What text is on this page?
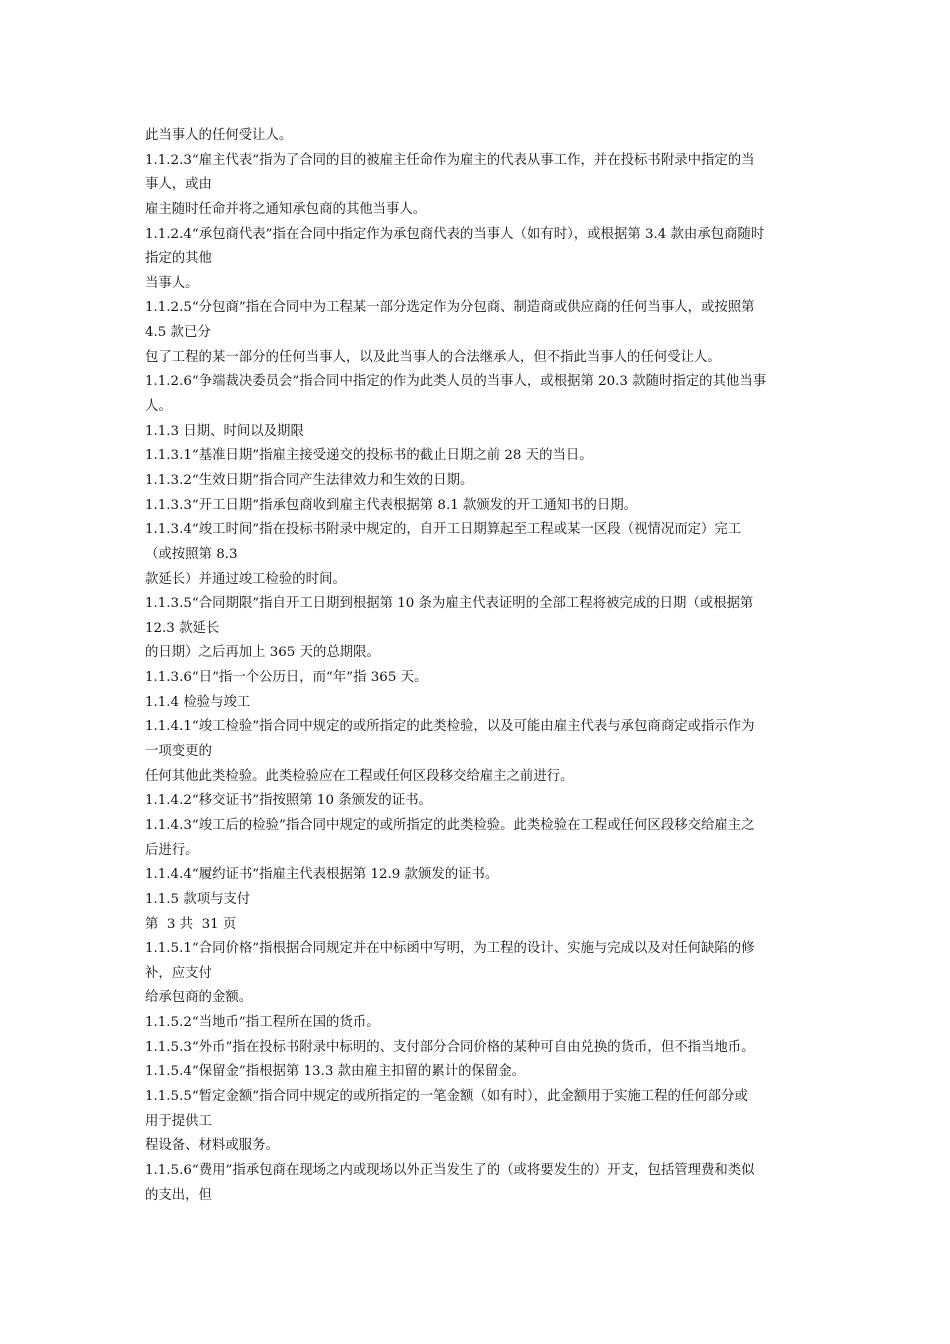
此当事人的任何受让人。
1.1.2.3“雇主代表”指为了合同的目的被雇主任命作为雇主的代表从事工作，并在投标书附录中指定的当
事人，或由
雇主随时任命并将之通知承包商的其他当事人。
1.1.2.4“承包商代表”指在合同中指定作为承包商代表的当事人（如有时），或根据第 3.4 款由承包商随时
指定的其他
当事人。
1.1.2.5“分包商”指在合同中为工程某一部分选定作为分包商、制造商或供应商的任何当事人，或按照第
4.5 款已分
包了工程的某一部分的任何当事人，以及此当事人的合法继承人，但不指此当事人的任何受让人。
1.1.2.6“争端裁决委员会”指合同中指定的作为此类人员的当事人，或根据第 20.3 款随时指定的其他当事
人。
1.1.3 日期、时间以及期限
1.1.3.1“基准日期”指雇主接受递交的投标书的截止日期之前 28 天的当日。
1.1.3.2“生效日期”指合同产生法律效力和生效的日期。
1.1.3.3“开工日期”指承包商收到雇主代表根据第 8.1 款颁发的开工通知书的日期。
1.1.3.4“竣工时间”指在投标书附录中规定的，自开工日期算起至工程或某一区段（视情况而定）完工
（或按照第 8.3
款延长）并通过竣工检验的时间。
1.1.3.5“合同期限”指自开工日期到根据第 10 条为雇主代表证明的全部工程将被完成的日期（或根据第
12.3 款延长
的日期）之后再加上 365 天的总期限。
1.1.3.6“日”指一个公历日，而“年”指 365 天。
1.1.4 检验与竣工
1.1.4.1“竣工检验”指合同中规定的或所指定的此类检验，以及可能由雇主代表与承包商商定或指示作为
一项变更的
任何其他此类检验。此类检验应在工程或任何区段移交给雇主之前进行。
1.1.4.2“移交证书”指按照第 10 条颁发的证书。
1.1.4.3“竣工后的检验”指合同中规定的或所指定的此类检验。此类检验在工程或任何区段移交给雇主之
后进行。
1.1.4.4“履约证书”指雇主代表根据第 12.9 款颁发的证书。
1.1.5 款项与支付
第  3 共  31 页
1.1.5.1“合同价格”指根据合同规定并在中标函中写明，为工程的设计、实施与完成以及对任何缺陷的修
补，应支付
给承包商的金额。
1.1.5.2“当地币”指工程所在国的货币。
1.1.5.3“外币”指在投标书附录中标明的、支付部分合同价格的某种可自由兑换的货币，但不指当地币。
1.1.5.4“保留金”指根据第 13.3 款由雇主扣留的累计的保留金。
1.1.5.5“暂定金额”指合同中规定的或所指定的一笔金额（如有时），此金额用于实施工程的任何部分或
用于提供工
程设备、材料或服务。
1.1.5.6“费用”指承包商在现场之内或现场以外正当发生了的（或将要发生的）开支，包括管理费和类似
的支出，但
